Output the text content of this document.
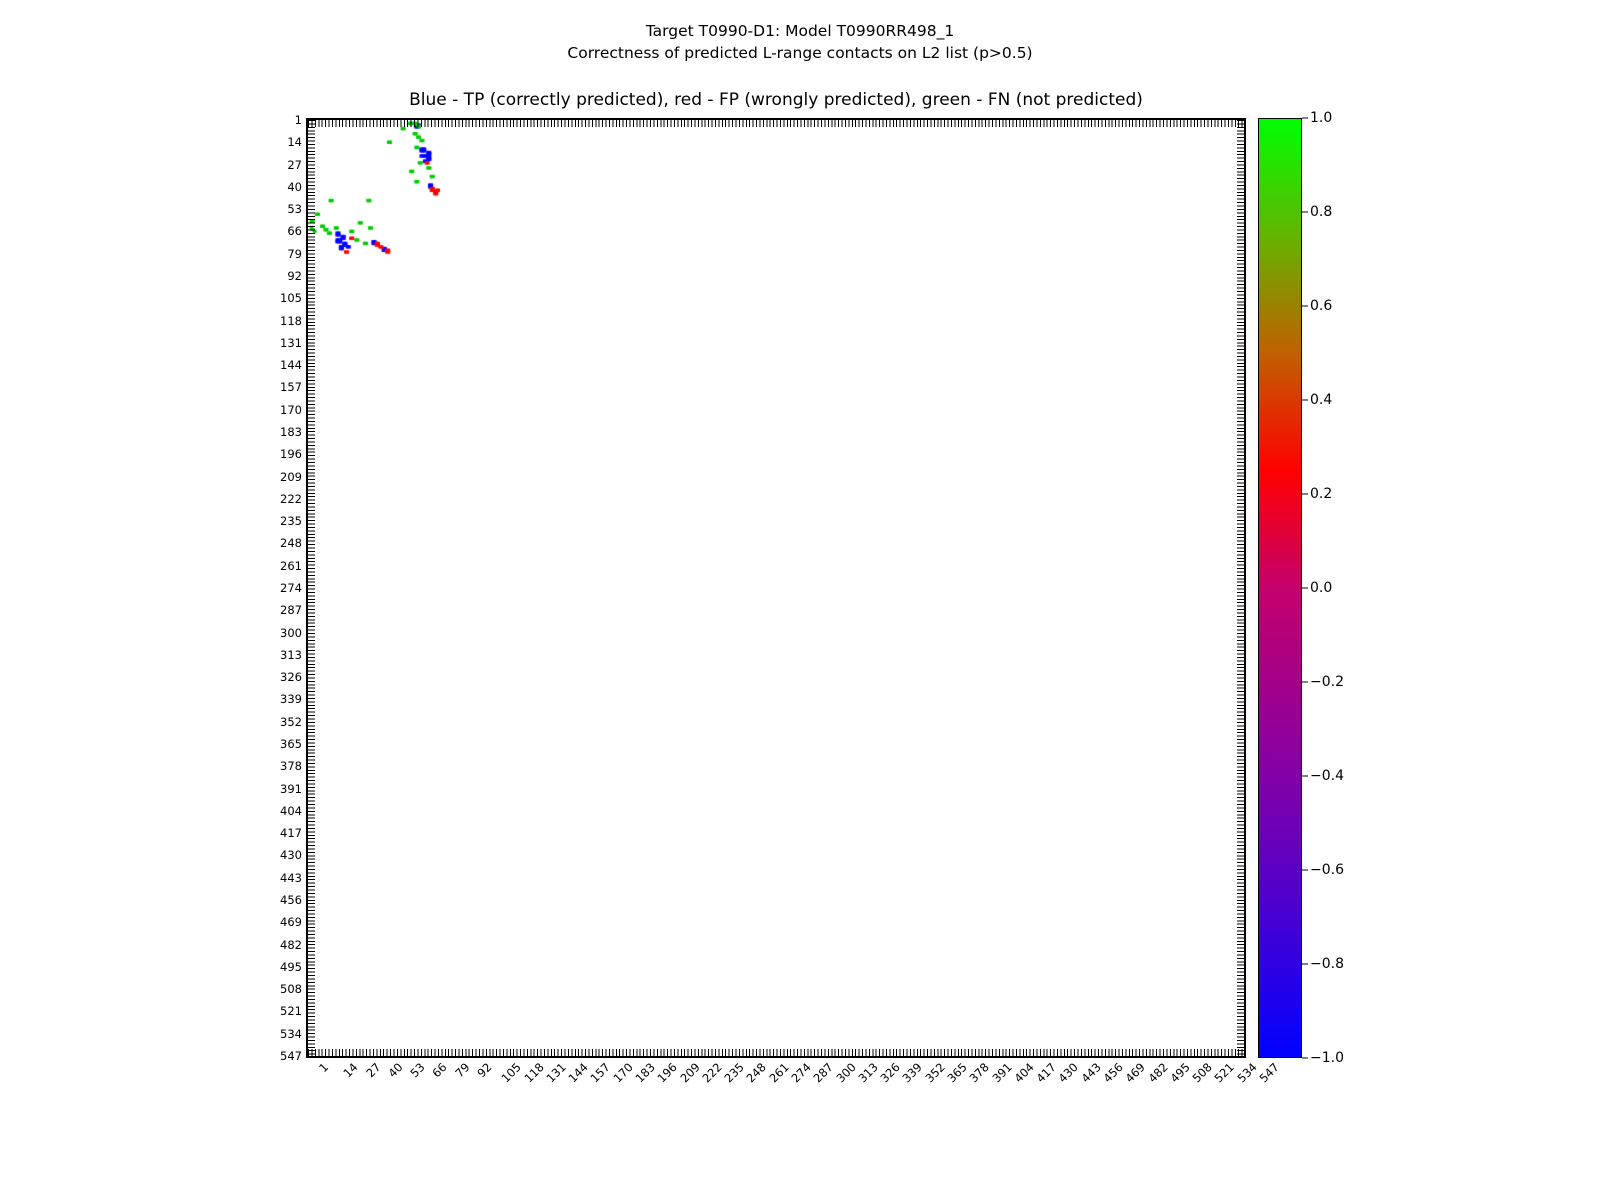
Target T0990-D1: Model T0990RR498_1
Correctness of predicted L-range contacts on L2 list (p>0.5)
Blue - TP (correctly predicted), red - FP (wrongly predicted), green - FN (not predicted)
1
14
27
40
53
66
79
92
105
118
131
144
157
170
183
196
209
222
235
248
261
274
287
300
313
326
339
352
365
378
391
404
417
430
443
456
469
482
495
508
521
534
547
1 14 27 40 53 66 79 92 105
118
131
144
157
170
183
196
209
222
235
248
261
274
287
300
313
326
339
352
365
378
391
404
417
430
443
456
469
482
495
508
521
534
547
1.0
0.8
0.6
0.4
0.2
0.0
−0.2
−0.4
−0.6
−0.8
−1.0
